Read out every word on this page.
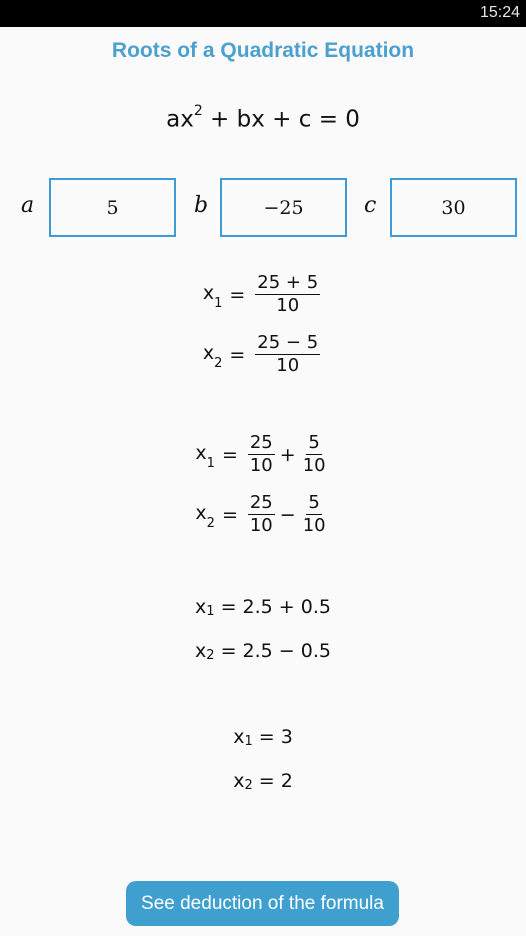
15:24
Roots of a Quadratic Equation
$ax^2$ + bx + c = 0
a	5	b	−25	c	30
$x_1 = \frac{25 + 5}{10}$
$x_2 = \frac{25 - 5}{10}$
$x_1 = \frac{25}{10} + \frac{5}{10}$
$x_2 = \frac{25}{10} - \frac{5}{10}$
$x_1 = 2.5 + 0.5$
$x_2 = 2.5 - 0.5$
$x_1 = 3$
$x_2 = 2$
See deduction of the formula
